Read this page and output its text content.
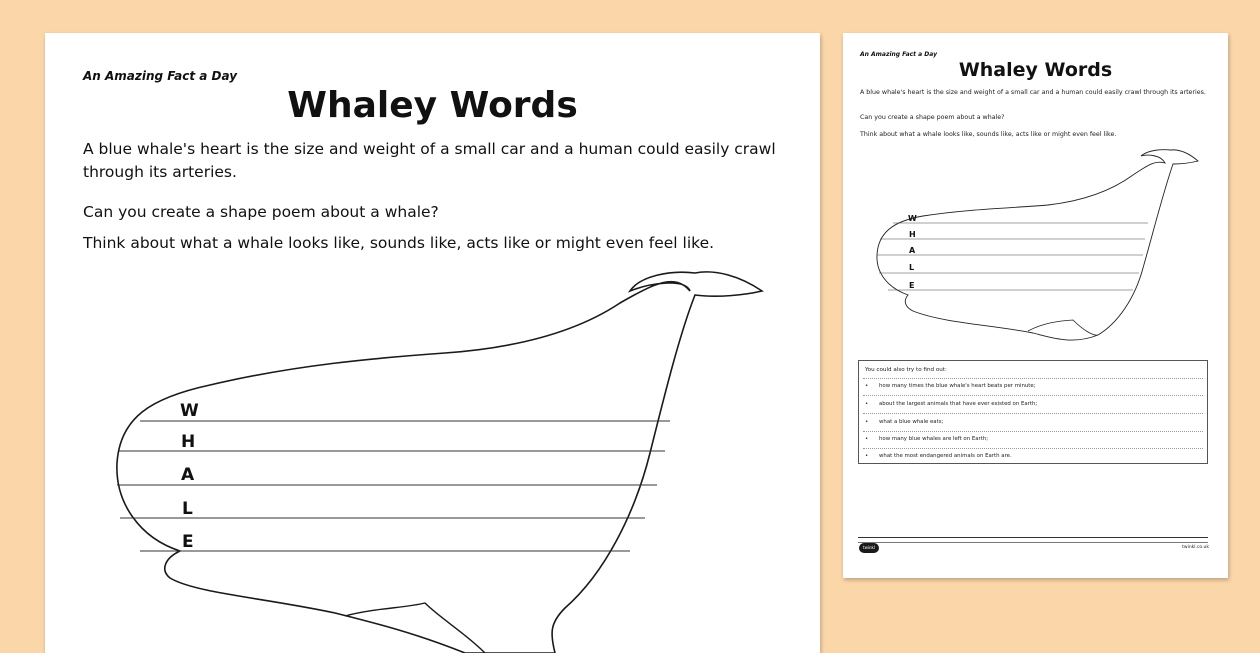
An Amazing Fact a Day
Whaley Words
A blue whale's heart is the size and weight of a small car and a human could easily crawl through its arteries.
Can you create a shape poem about a whale?
Think about what a whale looks like, sounds like, acts like or might even feel like.
W
H
A
L
E
An Amazing Fact a Day
Whaley Words
A blue whale's heart is the size and weight of a small car and a human could easily crawl through its arteries.
Can you create a shape poem about a whale?
Think about what a whale looks like, sounds like, acts like or might even feel like.
W
H
A
L
E
You could also try to find out:
• how many times the blue whale's heart beats per minute;
• about the largest animals that have ever existed on Earth;
• what a blue whale eats;
• how many blue whales are left on Earth;
• what the most endangered animals on Earth are.
twinkl	twinkl.co.uk
